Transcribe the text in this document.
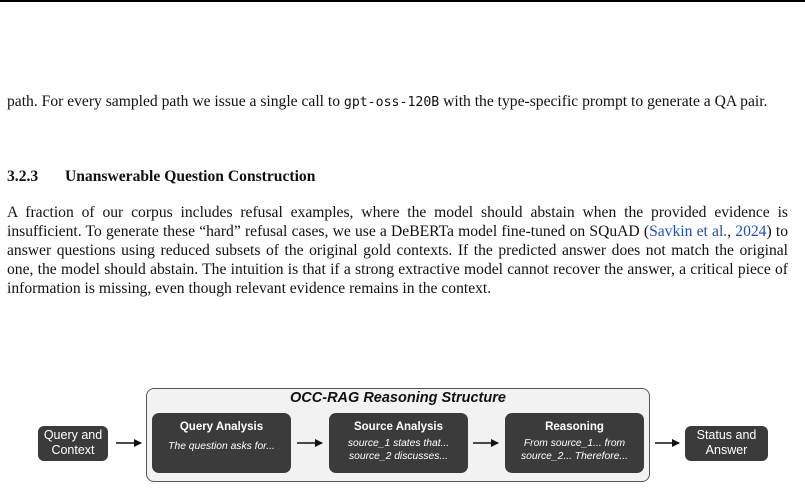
path. For every sampled path we issue a single call to gpt-oss-120B with the type-specific prompt to generate a QA pair.

3.2.3 Unanswerable Question Construction

A fraction of our corpus includes refusal examples, where the model should abstain when the provided evidence is insufficient. To generate these “hard” refusal cases, we use a DeBERTa model fine-tuned on SQuAD (Savkin et al., 2024) to answer questions using reduced subsets of the original gold contexts. If the predicted answer does not match the original one, the model should abstain. The intuition is that if a strong extractive model cannot recover the answer, a critical piece of information is missing, even though relevant evidence remains in the context.

OCC-RAG Reasoning Structure
Query and
Context
Query Analysis
The question asks for...
Source Analysis
source_1 states that...
source_2 discusses...
Reasoning
From source_1... from
source_2... Therefore...
Status and
Answer
